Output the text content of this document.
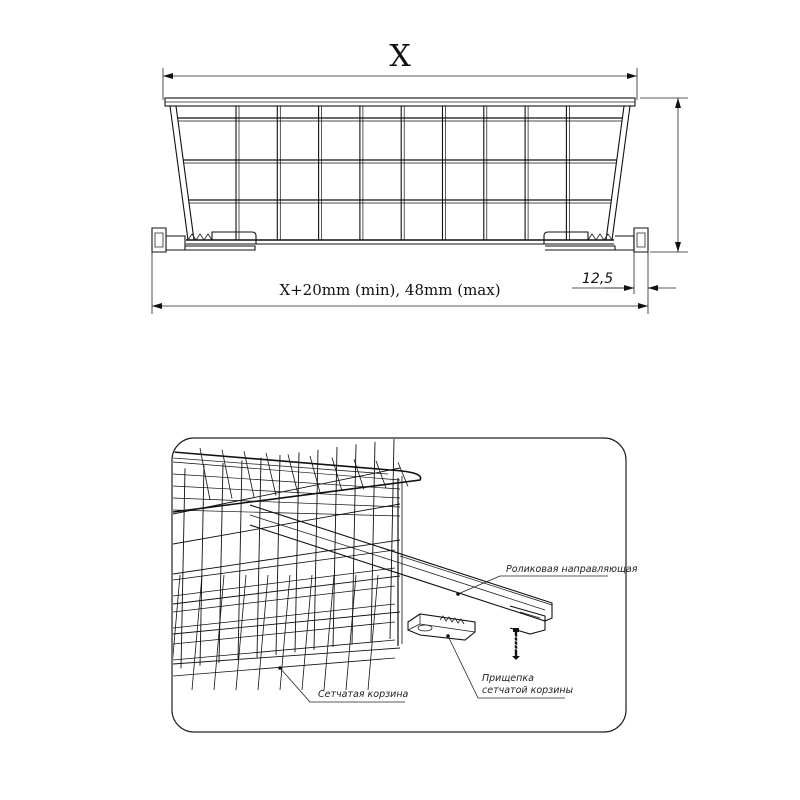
X
12,5
X+20mm (min), 48mm (max)
Роликовая направляющая
Сетчатая корзина
Прищепка
сетчатой корзины
